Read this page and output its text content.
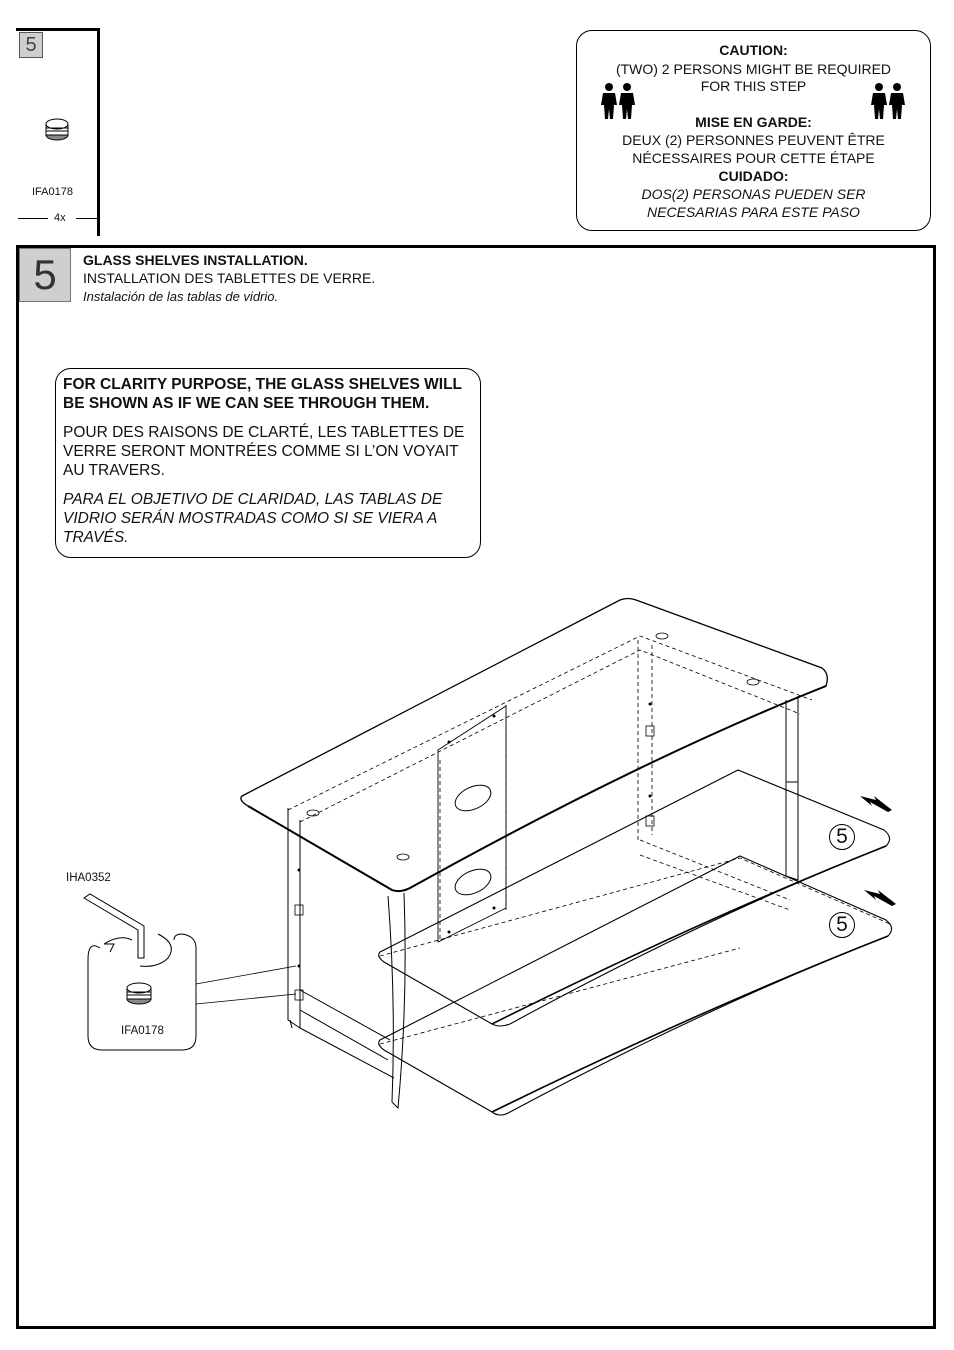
5
IFA0178
4x
CAUTION:
(TWO) 2 PERSONS MIGHT BE REQUIRED
FOR THIS STEP
MISE EN GARDE:
DEUX (2) PERSONNES PEUVENT ÊTRE
NÉCESSAIRES POUR CETTE ÉTAPE
CUIDADO:
DOS(2) PERSONAS PUEDEN SER
NECESARIAS PARA ESTE PASO
5	GLASS SHELVES INSTALLATION.
INSTALLATION DES TABLETTES DE VERRE.
Instalación de las tablas de vidrio.

FOR CLARITY PURPOSE, THE GLASS SHELVES WILL BE SHOWN AS IF WE CAN SEE THROUGH THEM.

POUR DES RAISONS DE CLARTÉ, LES TABLETTES DE VERRE SERONT MONTRÉES COMME SI L’ON VOYAIT AU TRAVERS.

PARA EL OBJETIVO DE CLARIDAD, LAS TABLAS DE VIDRIO SERÁN MOSTRADAS COMO SI SE VIERA A TRAVÉS.

IHA0352
IFA0178
5
5
